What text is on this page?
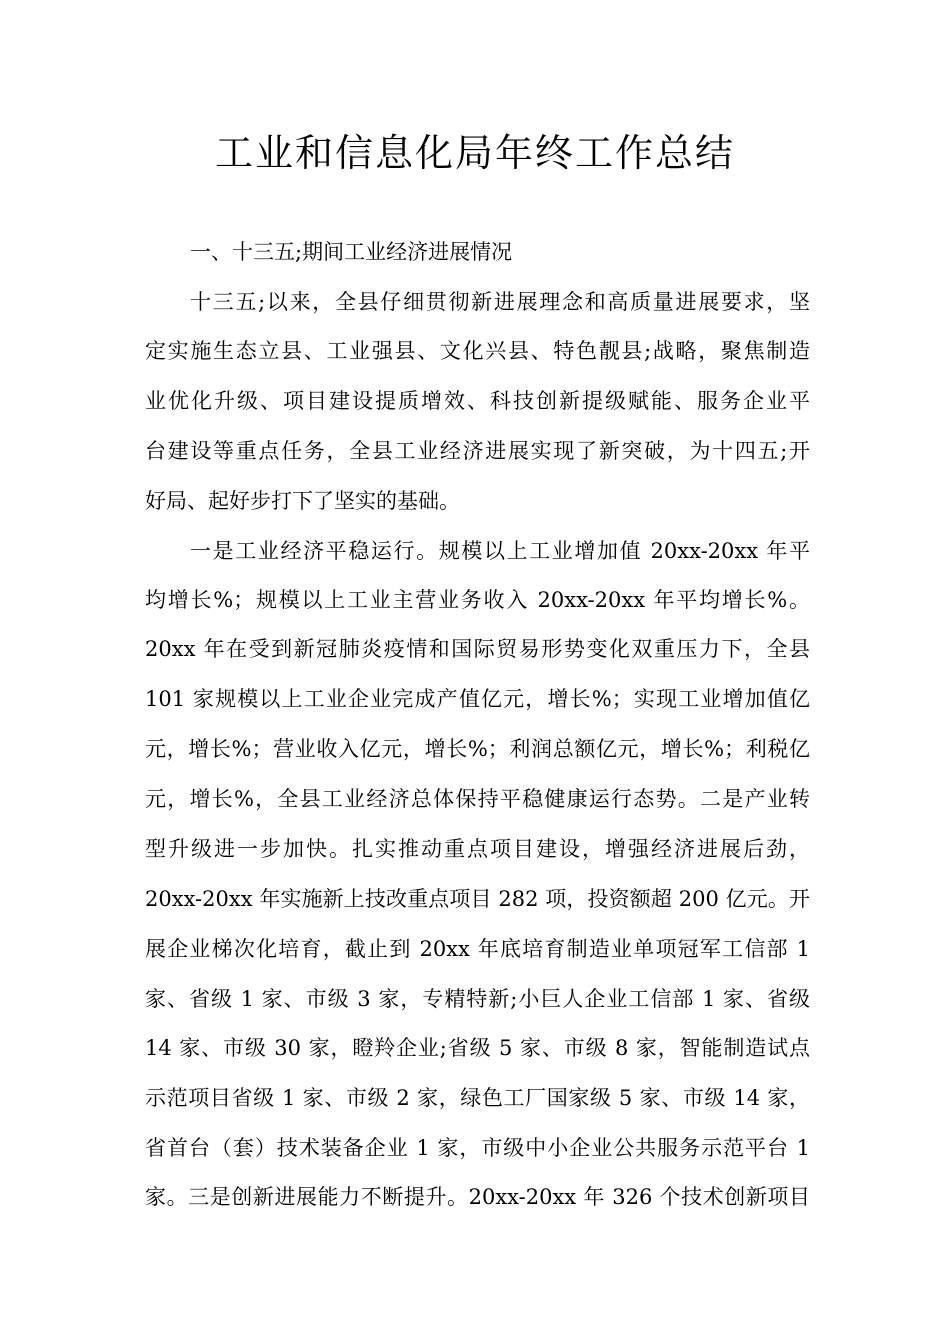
工业和信息化局年终工作总结
一、十三五;期间工业经济进展情况
十三五;以来，全县仔细贯彻新进展理念和高质量进展要求，坚
定实施生态立县、工业强县、文化兴县、特色靓县;战略，聚焦制造
业优化升级、项目建设提质增效、科技创新提级赋能、服务企业平
台建设等重点任务，全县工业经济进展实现了新突破，为十四五;开
好局、起好步打下了坚实的基础。
一是工业经济平稳运行。规模以上工业增加值 20xx-20xx 年平
均增长%；规模以上工业主营业务收入 20xx-20xx 年平均增长%。
20xx 年在受到新冠肺炎疫情和国际贸易形势变化双重压力下，全县
101 家规模以上工业企业完成产值亿元，增长%；实现工业增加值亿
元，增长%；营业收入亿元，增长%；利润总额亿元，增长%；利税亿
元，增长%，全县工业经济总体保持平稳健康运行态势。二是产业转
型升级进一步加快。扎实推动重点项目建设，增强经济进展后劲，
20xx-20xx 年实施新上技改重点项目 282 项，投资额超 200 亿元。开
展企业梯次化培育，截止到 20xx 年底培育制造业单项冠军工信部 1
家、省级 1 家、市级 3 家，专精特新;小巨人企业工信部 1 家、省级
14 家、市级 30 家，瞪羚企业;省级 5 家、市级 8 家，智能制造试点
示范项目省级 1 家、市级 2 家，绿色工厂国家级 5 家、市级 14 家，
省首台（套）技术装备企业 1 家，市级中小企业公共服务示范平台 1
家。三是创新进展能力不断提升。20xx-20xx 年 326 个技术创新项目
